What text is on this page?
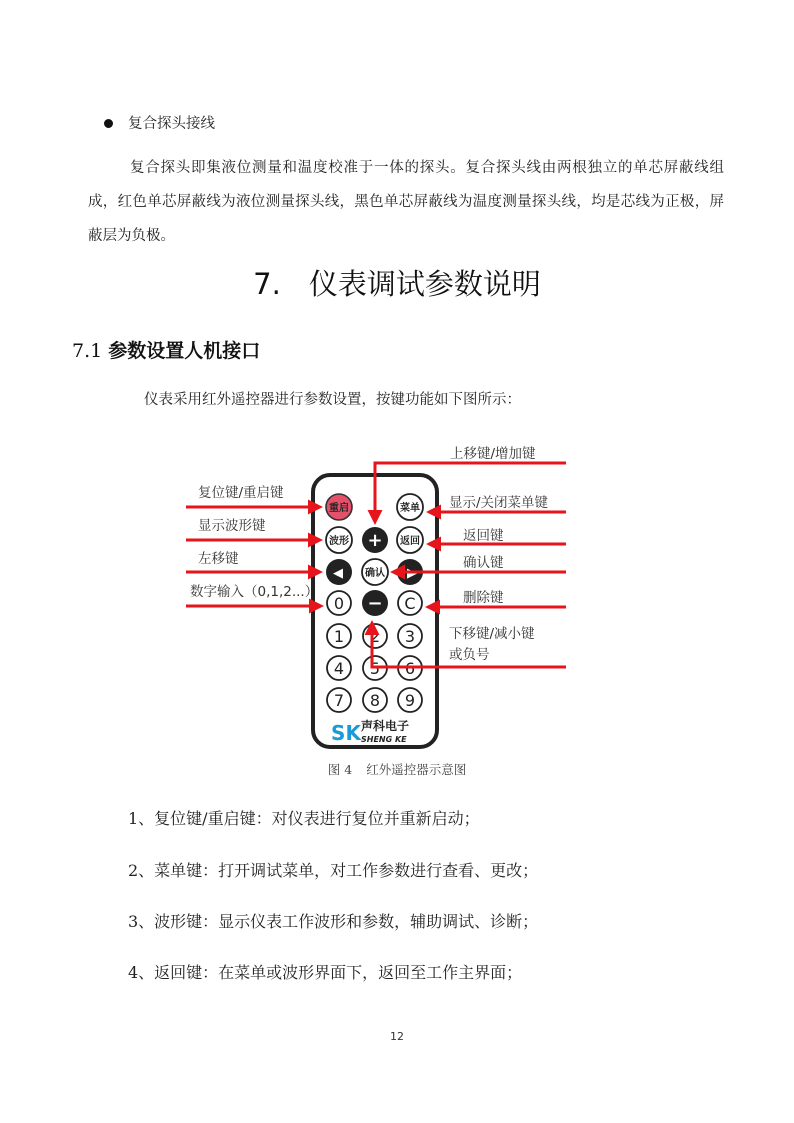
复合探头接线
复合探头即集液位测量和温度校准于一体的探头。复合探头线由两根独立的单芯屏蔽线组成，红色单芯屏蔽线为液位测量探头线，黑色单芯屏蔽线为温度测量探头线，均是芯线为正极，屏蔽层为负极。
7. 仪表调试参数说明
7.1 参数设置人机接口
仪表采用红外遥控器进行参数设置，按键功能如下图所示：
重启	菜单
波形 + 返回
◀ 确认 ▶
0 − C
1 2 3
4 5 6
7 8 9
SK 声科电子
SHENG KE
复位键/重启键
显示波形键
左移键
数字输入（0,1,2...）
上移键/增加键
显示/关闭菜单键
返回键
确认键
删除键
下移键/减小键
或负号
图 4 红外遥控器示意图
1、复位键/重启键：对仪表进行复位并重新启动；
2、菜单键：打开调试菜单，对工作参数进行查看、更改；
3、波形键：显示仪表工作波形和参数，辅助调试、诊断；
4、返回键：在菜单或波形界面下，返回至工作主界面；
12
